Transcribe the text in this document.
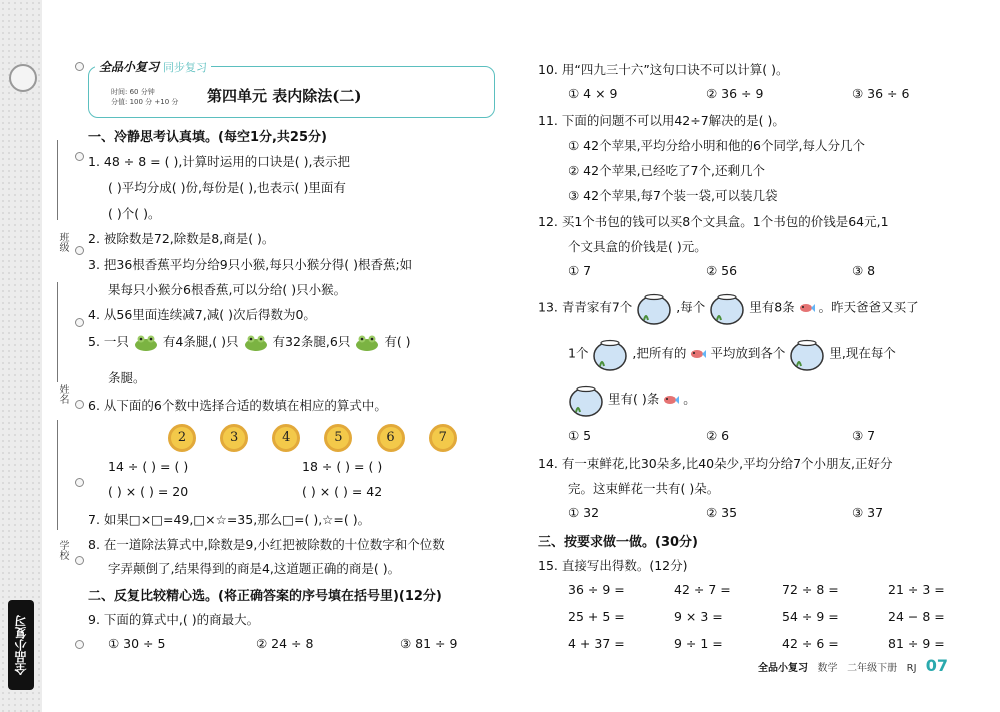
全品小复习
班级
姓名
学校
全品小复习 同步复习
时间: 60 分钟
分值: 100 分 +10 分 第四单元 表内除法(二)
一、冷静思考认真填。(每空1分,共25分)
1. 48 ÷ 8 = ( ),计算时运用的口诀是( ),表示把
( )平均分成( )份,每份是( ),也表示( )里面有
( )个( )。
2. 被除数是72,除数是8,商是( )。
3. 把36根香蕉平均分给9只小猴,每只小猴分得( )根香蕉;如
果每只小猴分6根香蕉,可以分给( )只小猴。
4. 从56里面连续减7,减( )次后得数为0。
5. 一只	有4条腿,( )只	有32条腿,6只	有( )
条腿。
6. 从下面的6个数中选择合适的数填在相应的算式中。
2	3	4	5	6	7
14 ÷ ( ) = ( )	18 ÷ ( ) = ( )
( ) × ( ) = 20	( ) × ( ) = 42
7. 如果□×□=49,□×☆=35,那么□=( ),☆=( )。
8. 在一道除法算式中,除数是9,小红把被除数的十位数字和个位数
字弄颠倒了,结果得到的商是4,这道题正确的商是( )。
二、反复比较精心选。(将正确答案的序号填在括号里)(12分)
9. 下面的算式中,( )的商最大。
① 30 ÷ 5	② 24 ÷ 8	③ 81 ÷ 9
10. 用“四九三十六”这句口诀不可以计算( )。
① 4 × 9	② 36 ÷ 9	③ 36 ÷ 6
11. 下面的问题不可以用42÷7解决的是( )。
① 42个苹果,平均分给小明和他的6个同学,每人分几个
② 42个苹果,已经吃了7个,还剩几个
③ 42个苹果,每7个装一袋,可以装几袋
12. 买1个书包的钱可以买8个文具盒。1个书包的价钱是64元,1
个文具盒的价钱是( )元。
① 7	② 56	③ 8
13. 青青家有7个	,每个	里有8条 。昨天爸爸又买了
1个	,把所有的 平均放到各个	里,现在每个
里有( )条 。
① 5	② 6	③ 7
14. 有一束鲜花,比30朵多,比40朵少,平均分给7个小朋友,正好分
完。这束鲜花一共有( )朵。
① 32	② 35	③ 37
三、按要求做一做。(30分)
15. 直接写出得数。(12分)
36 ÷ 9 =	42 ÷ 7 =	72 ÷ 8 =	21 ÷ 3 =
25 + 5 =	9 × 3 =	54 ÷ 9 =	24 − 8 =
4 + 37 =	9 ÷ 1 =	42 ÷ 6 =	81 ÷ 9 =
全品小复习 数学 二年级下册 RJ 07
